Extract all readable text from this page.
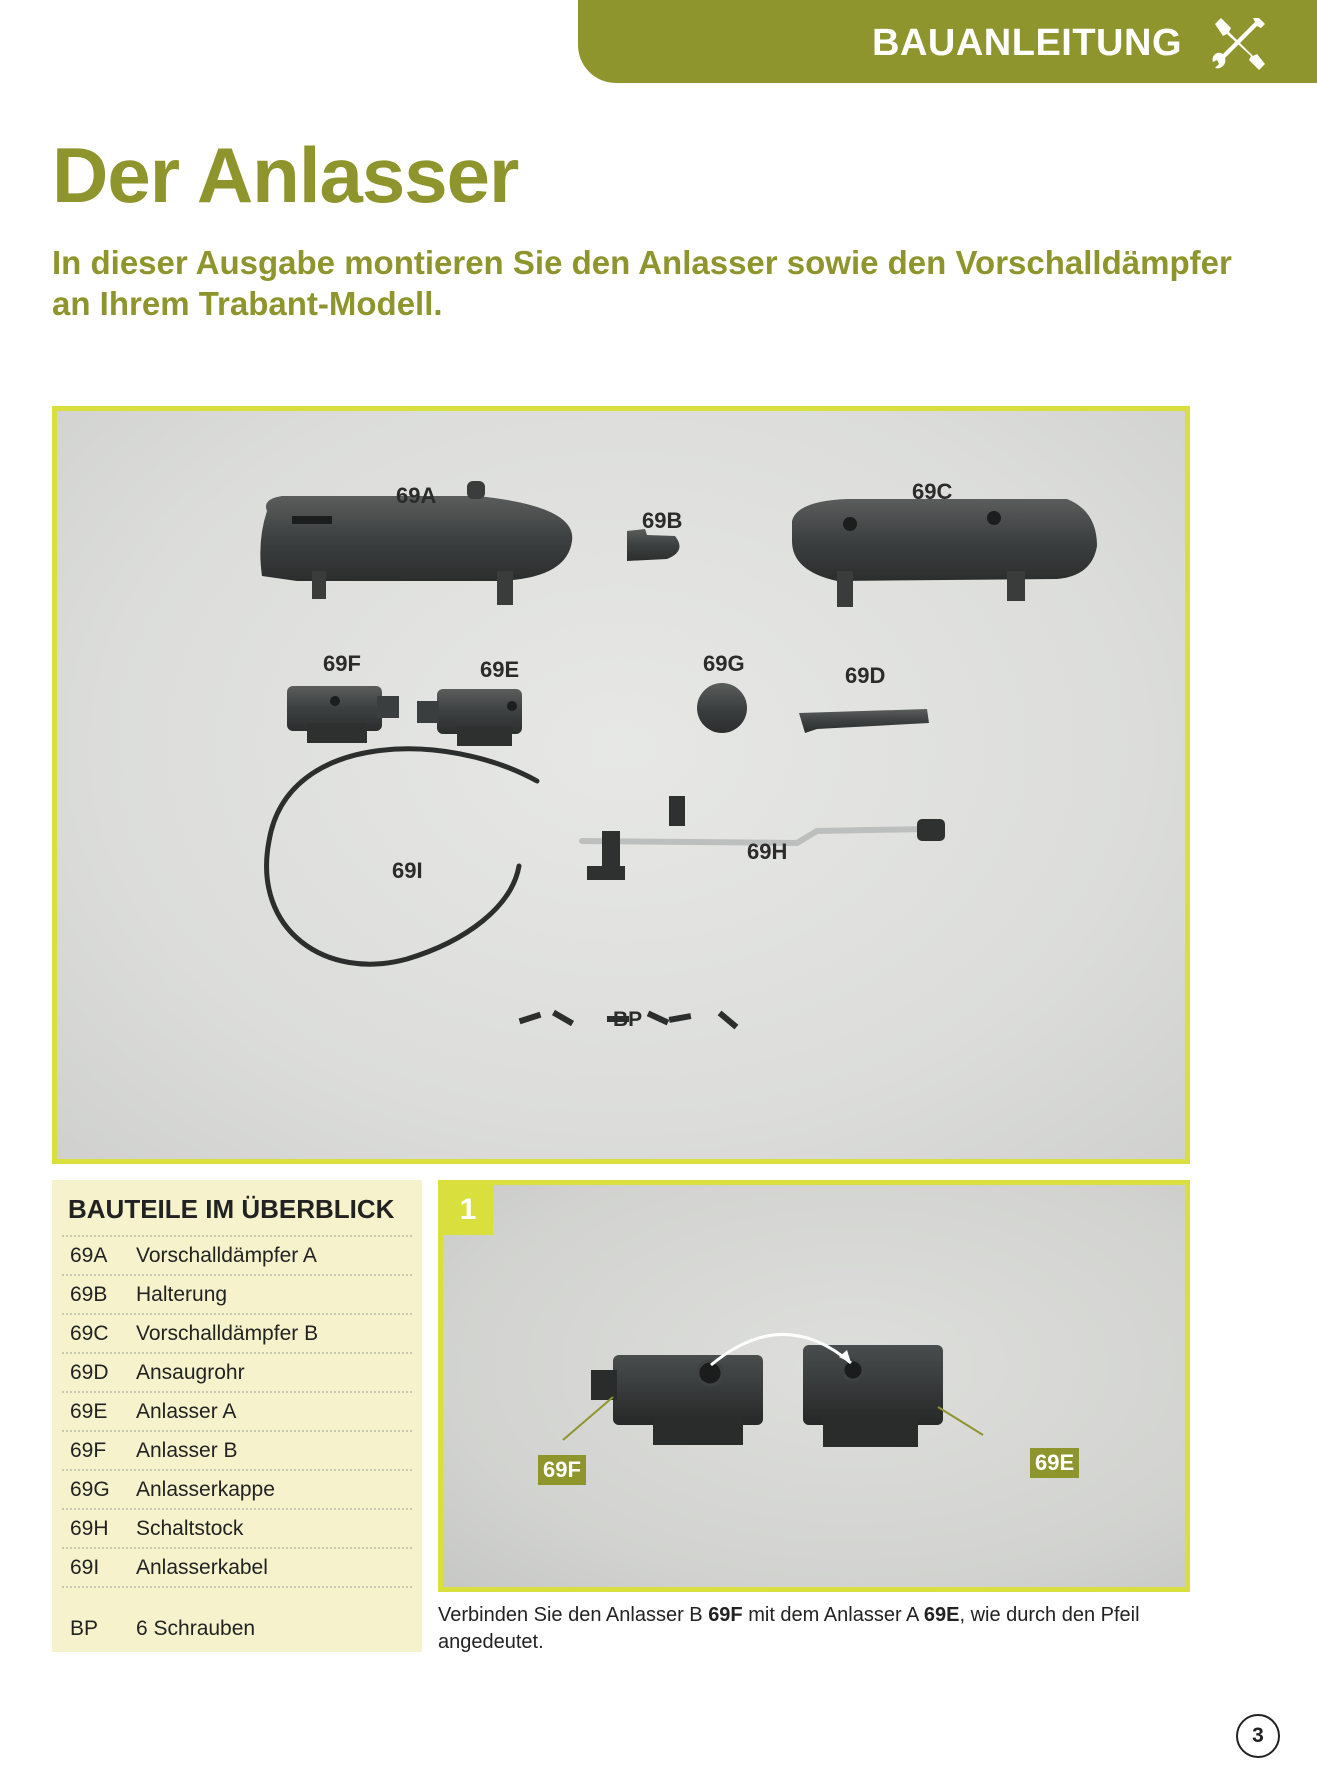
BAUANLEITUNG
Der Anlasser

In dieser Ausgabe montieren Sie den Anlasser sowie den Vorschalldämpfer an Ihrem Trabant-Modell.

69A
69B
69C
69F	69E	69G	69D
69I
69H
BP
BAUTEILE IM ÜBERBLICK
69A	Vorschalldämpfer A
69B	Halterung
69C	Vorschalldämpfer B
69D	Ansaugrohr
69E	Anlasser A
69F	Anlasser B
69G	Anlasserkappe
69H	Schaltstock
69I	Anlasserkabel
BP	6 Schrauben
1
69F	69E

Verbinden Sie den Anlasser B 69F mit dem Anlasser A 69E, wie durch den Pfeil angedeutet.

3
